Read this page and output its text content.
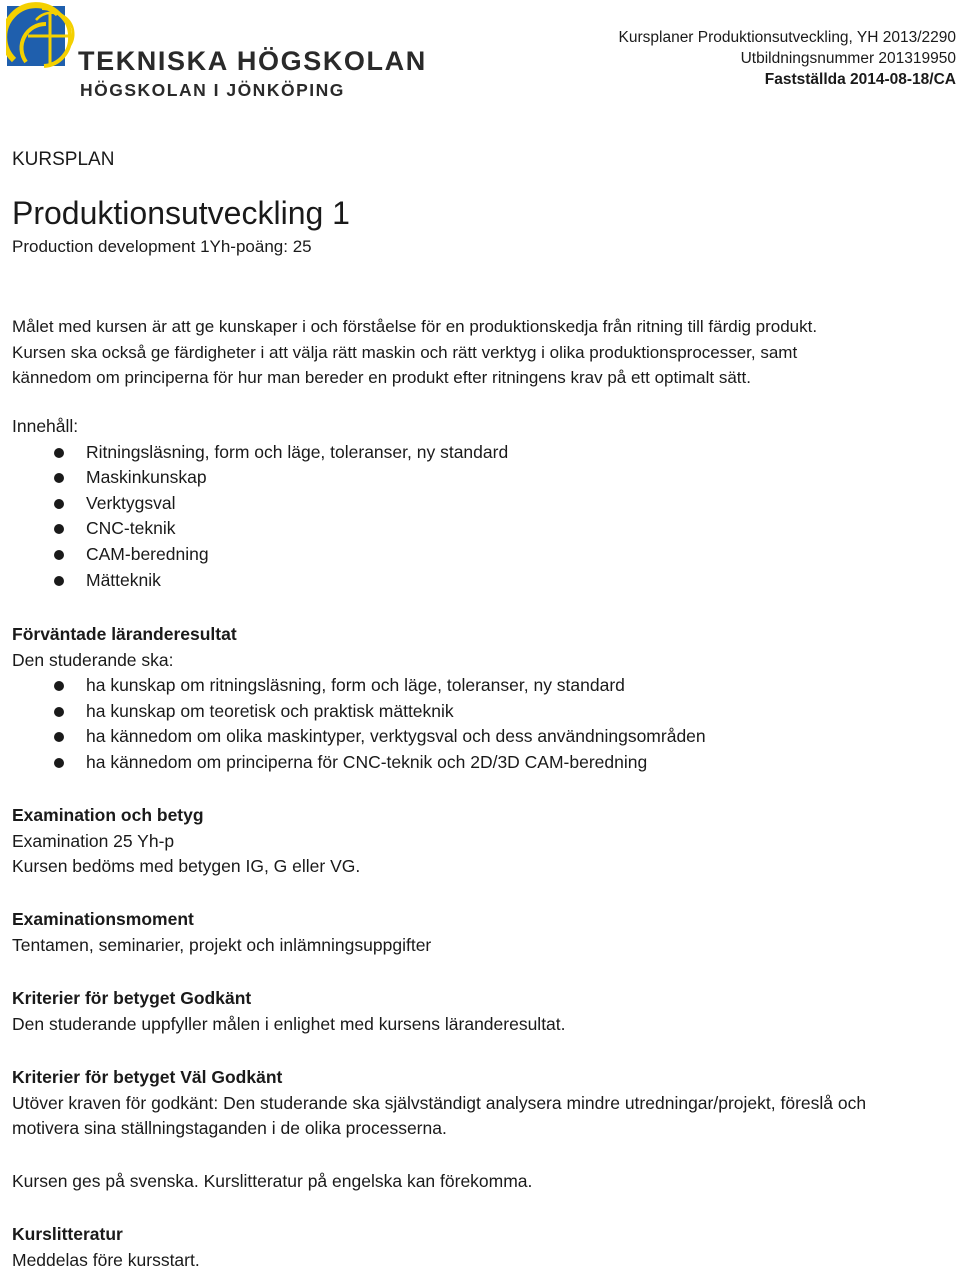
TEKNISKA HÖGSKOLAN
HÖGSKOLAN I JÖNKÖPING
Kursplaner Produktionsutveckling, YH 2013/2290
Utbildningsnummer 201319950
Fastställda 2014-08-18/CA
KURSPLAN
Produktionsutveckling 1
Production development 1Yh-poäng: 25
Målet med kursen är att ge kunskaper i och förståelse för en produktionskedja från ritning till färdig produkt.
Kursen ska också ge färdigheter i att välja rätt maskin och rätt verktyg i olika produktionsprocesser, samt
kännedom om principerna för hur man bereder en produkt efter ritningens krav på ett optimalt sätt.
Innehåll:
Ritningsläsning, form och läge, toleranser, ny standard
Maskinkunskap
Verktygsval
CNC-teknik
CAM-beredning
Mätteknik
Förväntade läranderesultat
Den studerande ska:
ha kunskap om ritningsläsning, form och läge, toleranser, ny standard
ha kunskap om teoretisk och praktisk mätteknik
ha kännedom om olika maskintyper, verktygsval och dess användningsområden
ha kännedom om principerna för CNC-teknik och 2D/3D CAM-beredning
Examination och betyg
Examination 25 Yh-p
Kursen bedöms med betygen IG, G eller VG.
Examinationsmoment
Tentamen, seminarier, projekt och inlämningsuppgifter
Kriterier för betyget Godkänt
Den studerande uppfyller målen i enlighet med kursens läranderesultat.
Kriterier för betyget Väl Godkänt
Utöver kraven för godkänt: Den studerande ska självständigt analysera mindre utredningar/projekt, föreslå och
motivera sina ställningstaganden i de olika processerna.
Kursen ges på svenska. Kurslitteratur på engelska kan förekomma.
Kurslitteratur
Meddelas före kursstart.
